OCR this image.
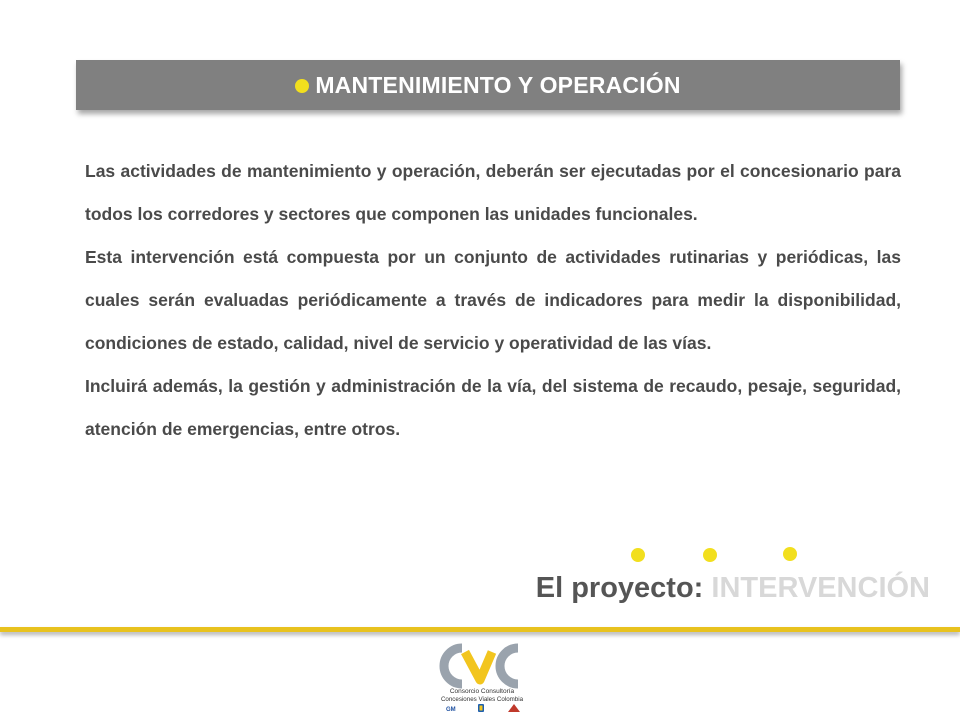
MANTENIMIENTO Y OPERACIÓN

Las actividades de mantenimiento y operación, deberán ser ejecutadas por el concesionario para todos los corredores y sectores que componen las unidades funcionales.

Esta intervención está compuesta por un conjunto de actividades rutinarias y periódicas, las cuales serán evaluadas periódicamente a través de indicadores para medir la disponibilidad, condiciones de estado, calidad, nivel de servicio y operatividad de las vías.

Incluirá además, la gestión y administración de la vía, del sistema de recaudo, pesaje, seguridad, atención de emergencias, entre otros.

El proyecto: INTERVENCIÓN
Consorcio Consultoría
Concesiones Viales Colombia
GM
